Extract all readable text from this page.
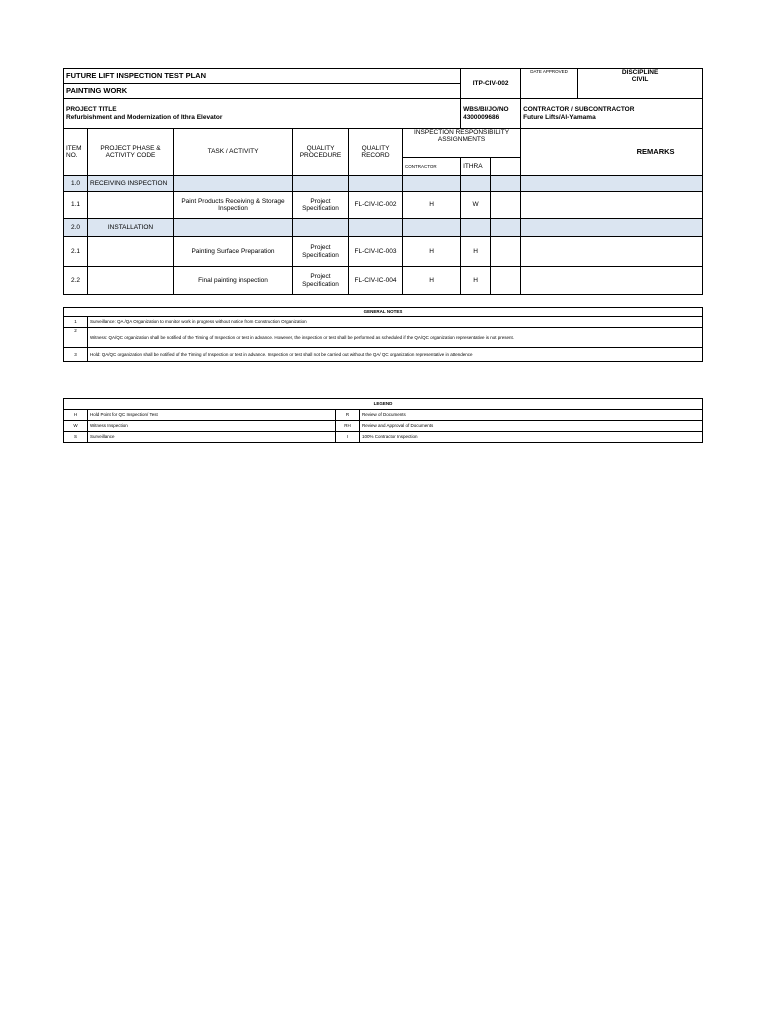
FUTURE LIFT INSPECTION TEST PLAN						ITP-CIV-002		DATE APPROVED	DISCIPLINE
CIVIL
PAINTING WORK									
PROJECT TITLE
Refurbishment and Modernization of Ithra Elevator						WBS/BI/JO/NO
4300009686		CONTRACTOR / SUBCONTRACTOR
Future Lifts/Al-Yamama	
ITEM NO.	PROJECT PHASE & ACTIVITY CODE	TASK / ACTIVITY	QUALITY PROCEDURE	QUALITY RECORD	INSPECTION RESPONSIBILITY ASSIGNMENTS			REMARKS	
					CONTRACTOR	ITHRA			
1.0	RECEIVING INSPECTION								
1.1		Paint Products Receiving & Storage Inspection	Project Specification	FL-CIV-IC-002	H	W			
2.0	INSTALLATION								
2.1		Painting Surface Preparation	Project Specification	FL-CIV-IC-003	H	H			
2.2		Final painting inspection	Project Specification	FL-CIV-IC-004	H	H			
GENERAL NOTES	
1	Surveillance: QA /QA Organization to monitor work in progress without notice from Construction Organization
2	Witness: QA/QC organization shall be notified of the Timing of Inspection or test in advance. However, the inspection or test shall be performed as scheduled if the QA/QC organization representative is not present.
3	Hold: QA/QC organization shall be notified of the Timing of Inspection or test in advance. Inspection or test shall not be carried out without the QA/ QC organization representative in attendence
LEGEND			
H	Hold Point for QC Inspection/ Test	R	Review of Documents
W	Witness Inspection	RH	Review and Approval of Documents
S	Surveillance	I	100% Contractor Inspection
